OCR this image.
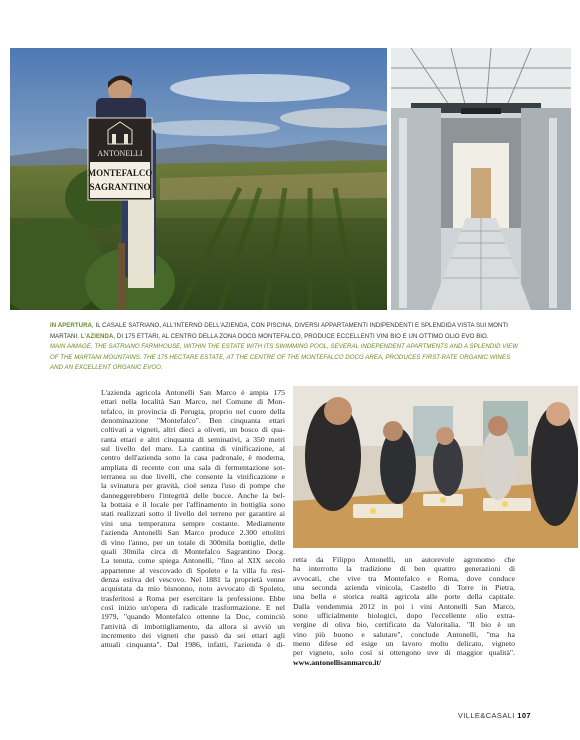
ANTONELLI
MONTEFALCO
SAGRANTINO
IN APERTURA, IL CASALE SATRIANO, ALL'INTERNO DELL'AZIENDA, CON PISCINA, DIVERSI APPARTAMENTI INDIPENDENTI E SPLENDIDA VISTA SUI MONTI
MARTANI. L'AZIENDA, DI 175 ETTARI, AL CENTRO DELLA ZONA DOCG MONTEFALCO, PRODUCE ECCELLENTI VINI BIO E UN OTTIMO OLIO EVO BIO.
MAIN AIMAGE, THE SATRIANO FARMHOUSE, WITHIN THE ESTATE WITH ITS SWIMMING POOL, SEVERAL INDEPENDENT APARTMENTS AND A SPLENDID VIEW
OF THE MARTANI MOUNTAINS. THE 175 HECTARE ESTATE, AT THE CENTRE OF THE MONTEFALCO DOCG AREA, PRODUCES FIRST-RATE ORGANIC WINES
AND AN EXCELLENT ORGANIC EVOO.
L'azienda agricola Antonelli San Marco è ampia 175
ettari nella località San Marco, nel Comune di Mon-
tefalco, in provincia di Perugia, proprio nel cuore della
denominazione "Montefalco". Ben cinquanta ettari
coltivati a vigneti, altri dieci a oliveti, un bosco di qua-
ranta ettari e altri cinquanta di seminativi, a 350 metri
sul livello del mare. La cantina di vinificazione, al
centro dell'azienda sotto la casa padronale, è moderna,
ampliata di recente con una sala di fermentazione sot-
terranea su due livelli, che consente la vinificazione e
la svinatura per gravità, cioè senza l'uso di pompe che
danneggerebbero l'integrità delle bucce. Anche la bel-
la bottaia e il locale per l'affinamento in bottiglia sono
stati realizzati sotto il livello del terreno per garantire ai
vini una temperatura sempre costante. Mediamente
l'azienda Antonelli San Marco produce 2.300 ettolitri
di vino l'anno, per un totale di 300mila bottiglie, delle
quali 30mila circa di Montefalco Sagrantino Docg.
La tenuta, come spiega Antonelli, "fino al XIX secolo
appartenne al vescovado di Spoleto e la villa fu resi-
denza estiva del vescovo. Nel 1881 la proprietà venne
acquistata da mio bisnonno, noto avvocato di Spoleto,
trasferitosi a Roma per esercitare la professione. Ebbe
così inizio un'opera di radicale trasformazione. E nel
1979, "quando Montefalco ottenne la Doc, cominciò
l'attività di imbottigliamento, da allora si avviò un
incremento dei vigneti che passò da sei ettari agli
attuali cinquanta". Dal 1986, infatti, l'azienda è di-
retta da Filippo Antonelli, un autorevole agronomo che
ha interrotto la tradizione di ben quattro generazioni di
avvocati, che vive tra Montefalco e Roma, dove conduce
una seconda azienda vinicola, Castello di Torre in Pietra,
una bella e storica realtà agricola alle porte della capitale.
Dalla vendemmia 2012 in poi i vini Antonelli San Marco,
sono ufficialmente biologici, dopo l'eccellente olio extra-
vergine di oliva bio, certificato da Valoritalia. "Il bio è un
vino più buono e salutare", conclude Antonelli, "ma ha
meno difese ed esige un lavoro molto delicato, vigneto
per vigneto, solo così si ottengono uve di maggior qualità".
www.antonellisanmarco.it/
VILLE&CASALI 107
